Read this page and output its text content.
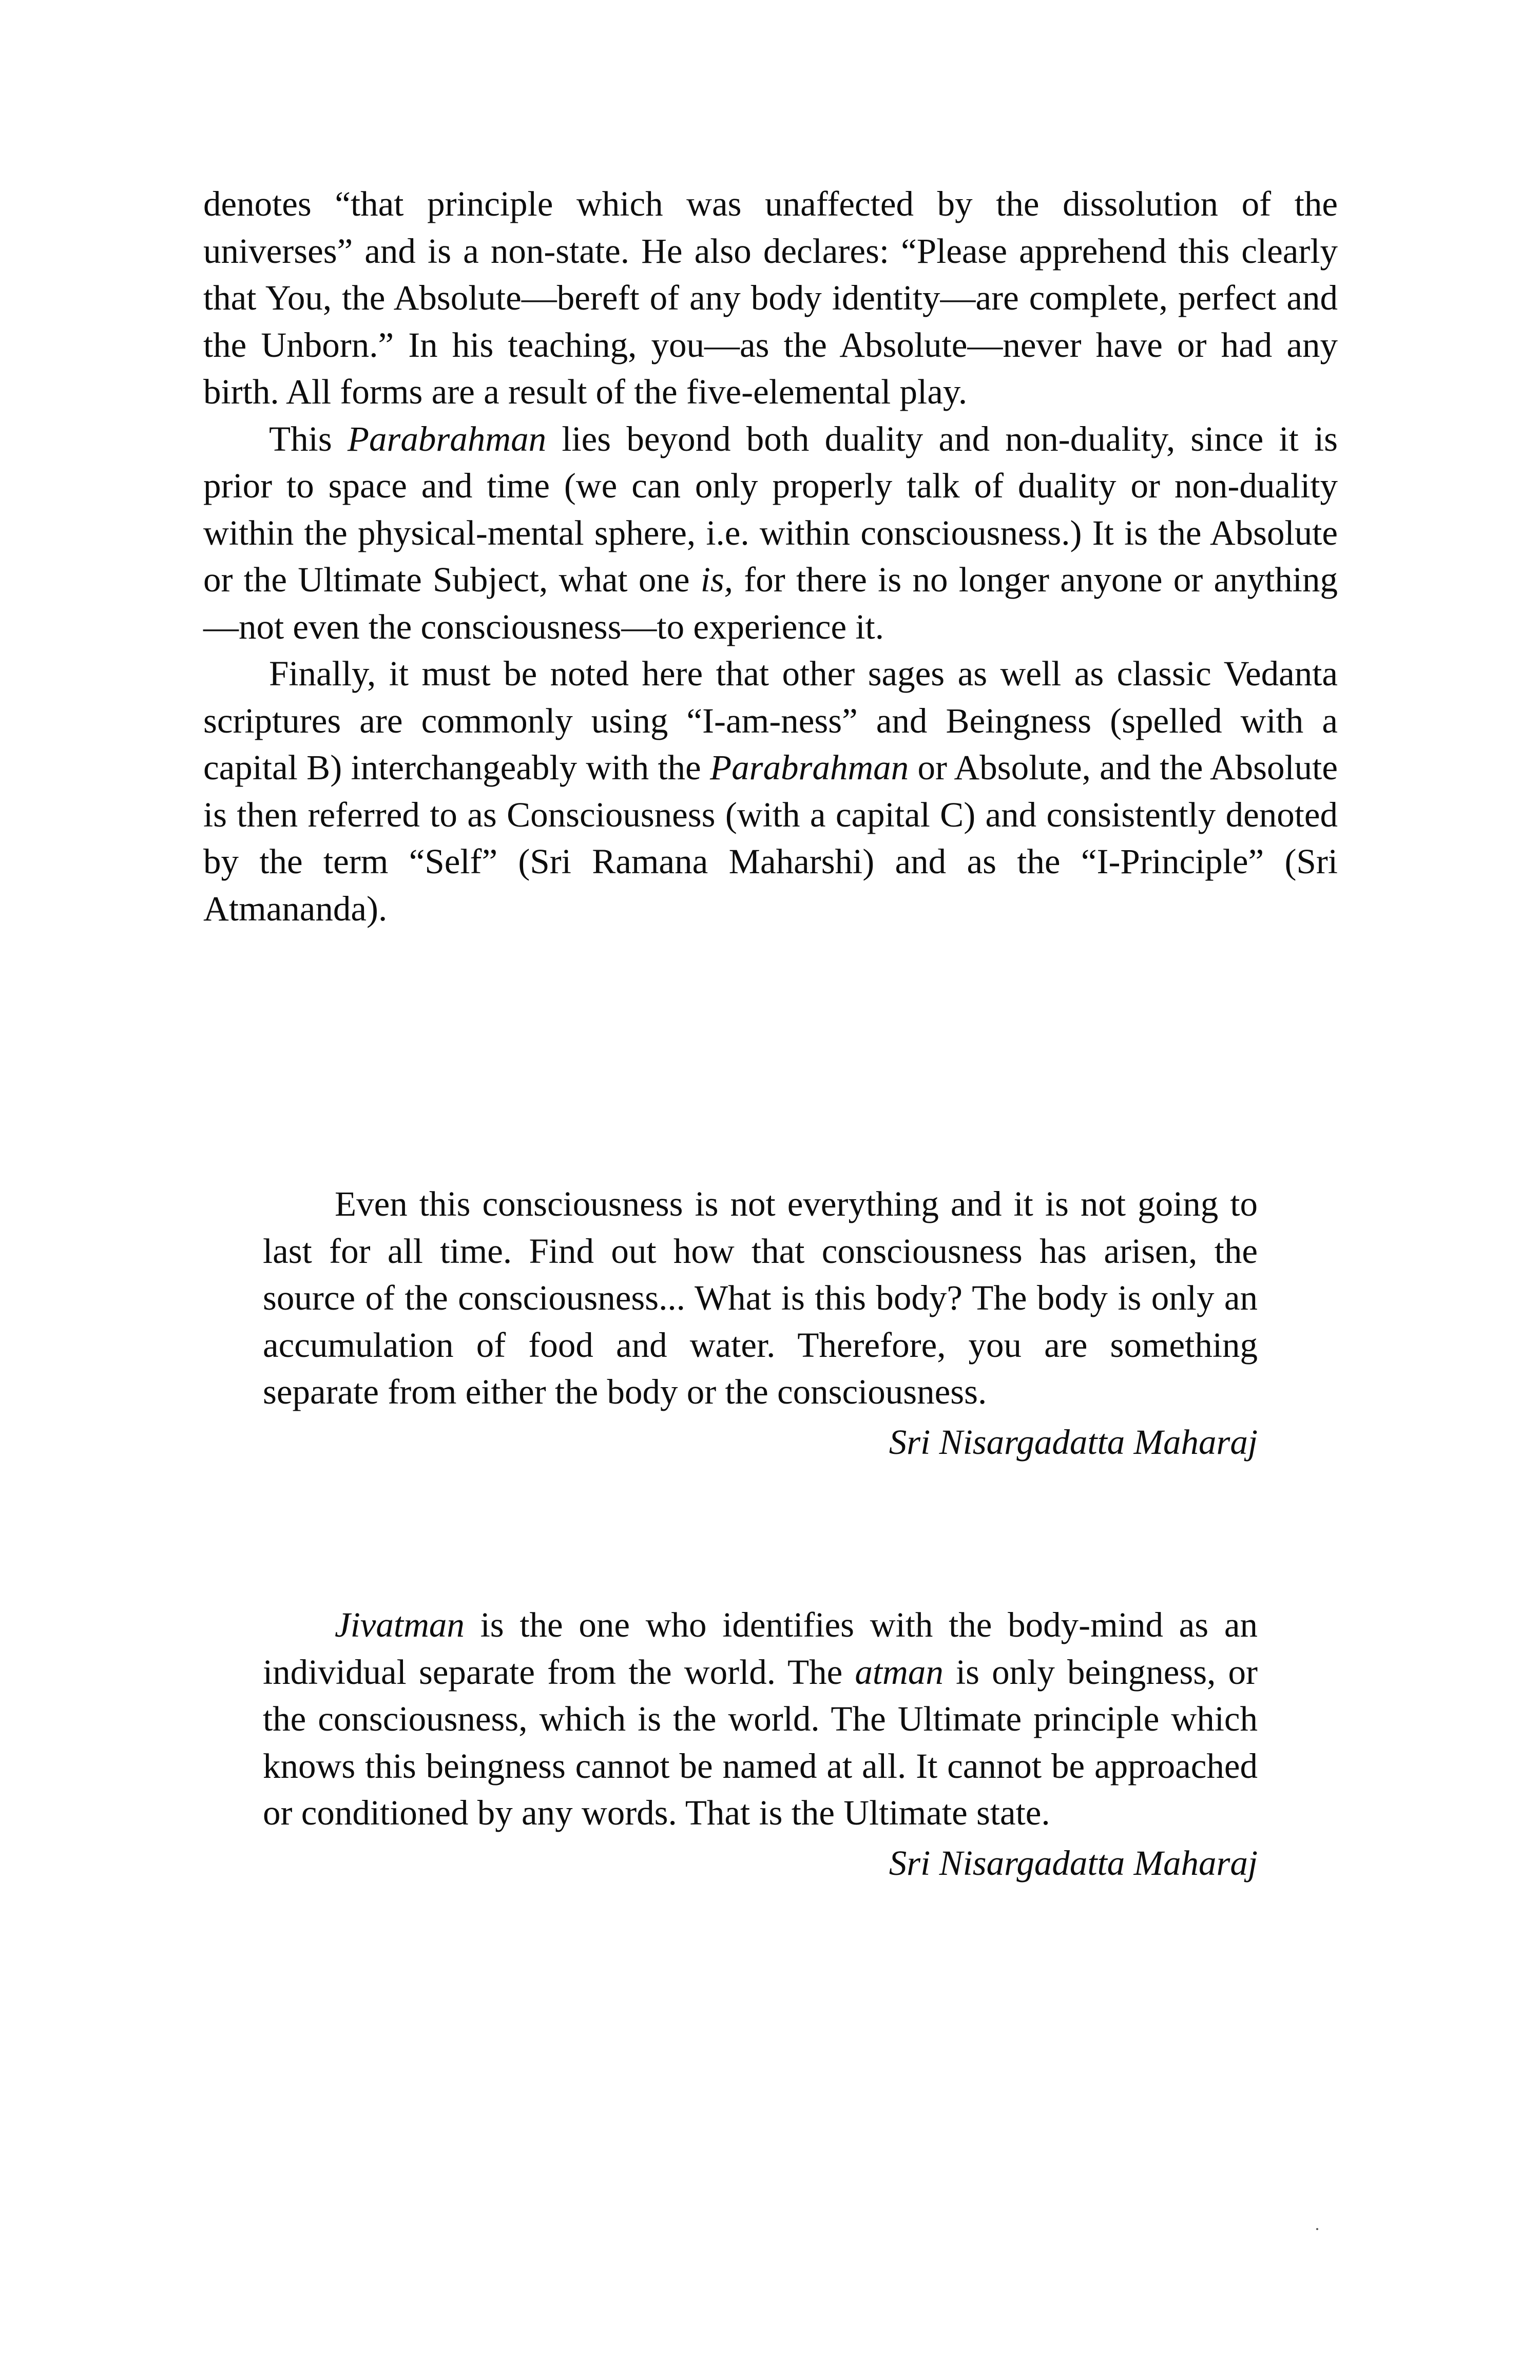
denotes “that principle which was unaffected by the dissolution of the universes” and is a non-state. He also declares: “Please apprehend this clearly that You, the Absolute—bereft of any body identity—are complete, perfect and the Unborn.” In his teaching, you—as the Absolute—never have or had any birth. All forms are a result of the five-elemental play.

This Parabrahman lies beyond both duality and non-duality, since it is prior to space and time (we can only properly talk of duality or non-duality within the physical-mental sphere, i.e. within consciousness.) It is the Absolute or the Ultimate Subject, what one is, for there is no longer anyone or anything—not even the consciousness—to experience it.

Finally, it must be noted here that other sages as well as classic Vedanta scriptures are commonly using “I-am-ness” and Beingness (spelled with a capital B) interchangeably with the Parabrahman or Absolute, and the Absolute is then referred to as Consciousness (with a capital C) and consistently denoted by the term “Self” (Sri Ramana Maharshi) and as the “I-Principle” (Sri Atmananda).

Even this consciousness is not everything and it is not going to last for all time. Find out how that consciousness has arisen, the source of the consciousness... What is this body? The body is only an accumulation of food and water. Therefore, you are something separate from either the body or the consciousness.

Sri Nisargadatta Maharaj

Jivatman is the one who identifies with the body-mind as an individual separate from the world. The atman is only beingness, or the consciousness, which is the world. The Ultimate principle which knows this beingness cannot be named at all. It cannot be approached or conditioned by any words. That is the Ultimate state.

Sri Nisargadatta Maharaj
